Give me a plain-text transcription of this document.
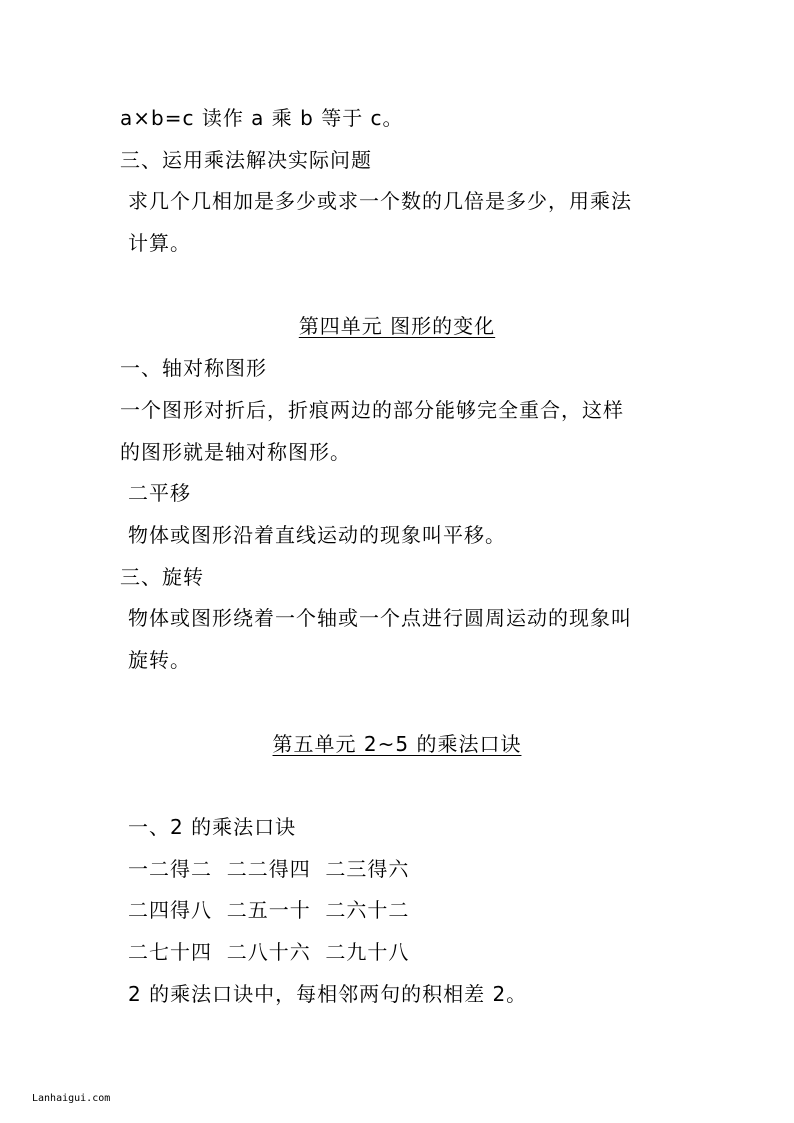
a×b=c 读作 a 乘 b 等于 c。
三、运用乘法解决实际问题
求几个几相加是多少或求一个数的几倍是多少，用乘法
计算。
第四单元 图形的变化
一、轴对称图形
一个图形对折后，折痕两边的部分能够完全重合，这样
的图形就是轴对称图形。
二平移
物体或图形沿着直线运动的现象叫平移。
三、旋转
物体或图形绕着一个轴或一个点进行圆周运动的现象叫
旋转。
第五单元 2~5 的乘法口诀
一、2 的乘法口诀
一二得二  二二得四  二三得六
二四得八  二五一十  二六十二
二七十四  二八十六  二九十八
2 的乘法口诀中，每相邻两句的积相差 2。
Lanhaigui.com
